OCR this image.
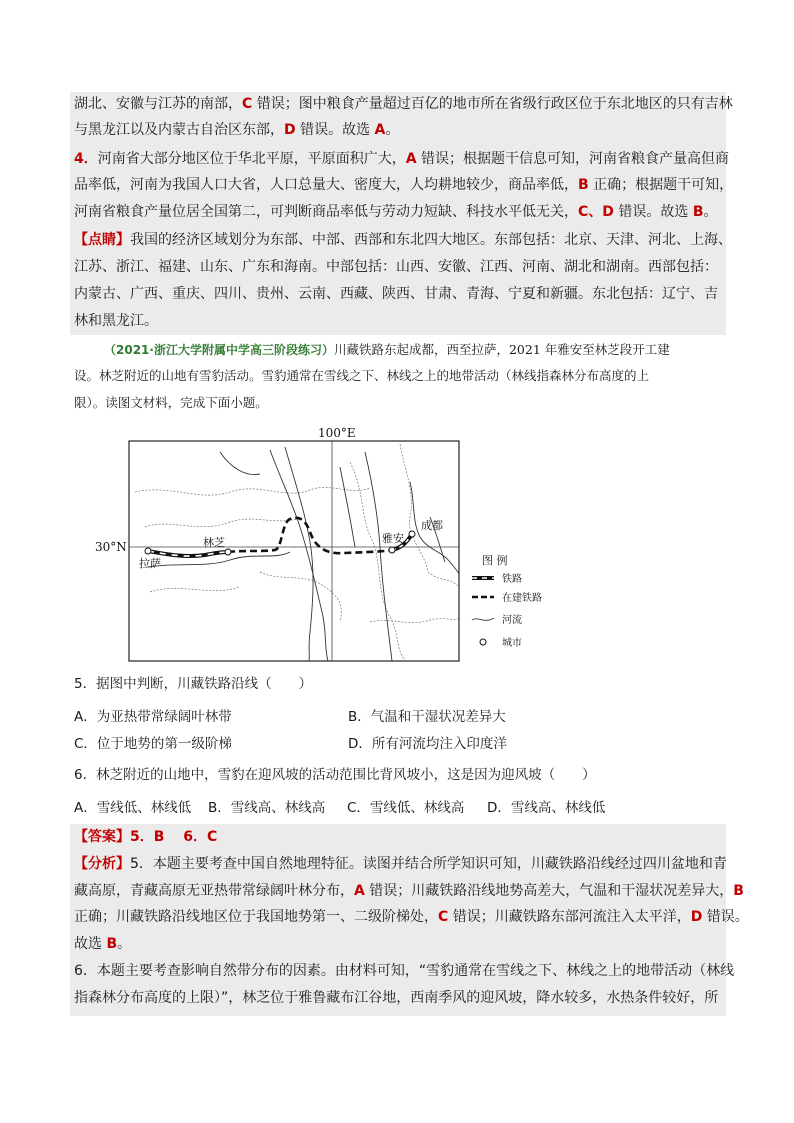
湖北、安徽与江苏的南部，C 错误；图中粮食产量超过百亿的地市所在省级行政区位于东北地区的只有吉林
与黑龙江以及内蒙古自治区东部，D 错误。故选 A。
4．河南省大部分地区位于华北平原，平原面积广大，A 错误；根据题干信息可知，河南省粮食产量高但商
品率低，河南为我国人口大省，人口总量大、密度大，人均耕地较少，商品率低，B 正确；根据题干可知，
河南省粮食产量位居全国第二，可判断商品率低与劳动力短缺、科技水平低无关，C、D 错误。故选 B。
【点睛】我国的经济区域划分为东部、中部、西部和东北四大地区。东部包括：北京、天津、河北、上海、
江苏、浙江、福建、山东、广东和海南。中部包括：山西、安徽、江西、河南、湖北和湖南。西部包括：
内蒙古、广西、重庆、四川、贵州、云南、西藏、陕西、甘肃、青海、宁夏和新疆。东北包括：辽宁、吉
林和黑龙江。
（2021·浙江大学附属中学高三阶段练习）川藏铁路东起成都，西至拉萨，2021 年雅安至林芝段开工建
设。林芝附近的山地有雪豹活动。雪豹通常在雪线之下、林线之上的地带活动（林线指森林分布高度的上
限）。读图文材料，完成下面小题。
100°E
30°N
拉萨
林芝	雅安
成都
图 例
铁路
在建铁路
河流
城市
5．据图中判断，川藏铁路沿线（　　）
A．为亚热带常绿阔叶林带	B．气温和干湿状况差异大
C．位于地势的第一级阶梯	D．所有河流均注入印度洋
6．林芝附近的山地中，雪豹在迎风坡的活动范围比背风坡小，这是因为迎风坡（　　）
A．雪线低、林线低 B．雪线高、林线高 C．雪线低、林线高 D．雪线高、林线低
【答案】5．B　 6．C
【分析】5．本题主要考查中国自然地理特征。读图并结合所学知识可知，川藏铁路沿线经过四川盆地和青
藏高原，青藏高原无亚热带常绿阔叶林分布，A 错误；川藏铁路沿线地势高差大，气温和干湿状况差异大，B
正确；川藏铁路沿线地区位于我国地势第一、二级阶梯处，C 错误；川藏铁路东部河流注入太平洋，D 错误。
故选 B。
6．本题主要考查影响自然带分布的因素。由材料可知，“雪豹通常在雪线之下、林线之上的地带活动（林线
指森林分布高度的上限）”，林芝位于雅鲁藏布江谷地，西南季风的迎风坡，降水较多，水热条件较好，所
